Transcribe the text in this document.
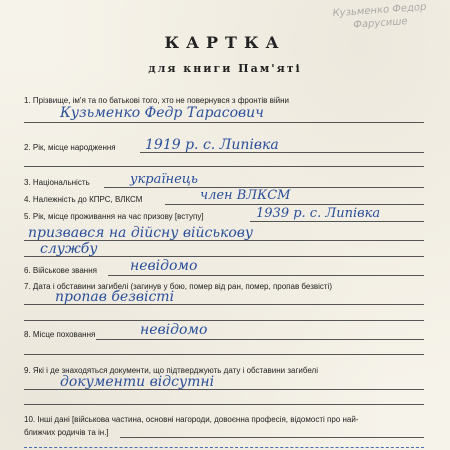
Кузьменко Федор Фарусише
КАРТКА
для книги Пам'яті
1. Прізвище, ім'я та по батькові того, хто не повернувся з фронтів війни
Кузьменко Федр Тарасович
2. Рік, місце народження 1919 р. с. Липівка
3. Національність	українець
4. Належність до КПРС, ВЛКСМ	член ВЛКСМ
5. Рік, місце проживання на час призову [вступу]	1939 р. с. Липівка
призвався на дійсну військову
службу
6. Військове звання невідомо
7. Дата і обставини загибелі (загинув у бою, помер від ран, помер, пропав безвісті)
пропав безвісті
8. Місце поховання	невідомо
9. Які і де знаходяться документи, що підтверджують дату і обставини загибелі
документи відсутні
10. Інші дані [військова частина, основні нагороди, довоєнна професія, відомості про най-
ближчих родичів та ін.]
